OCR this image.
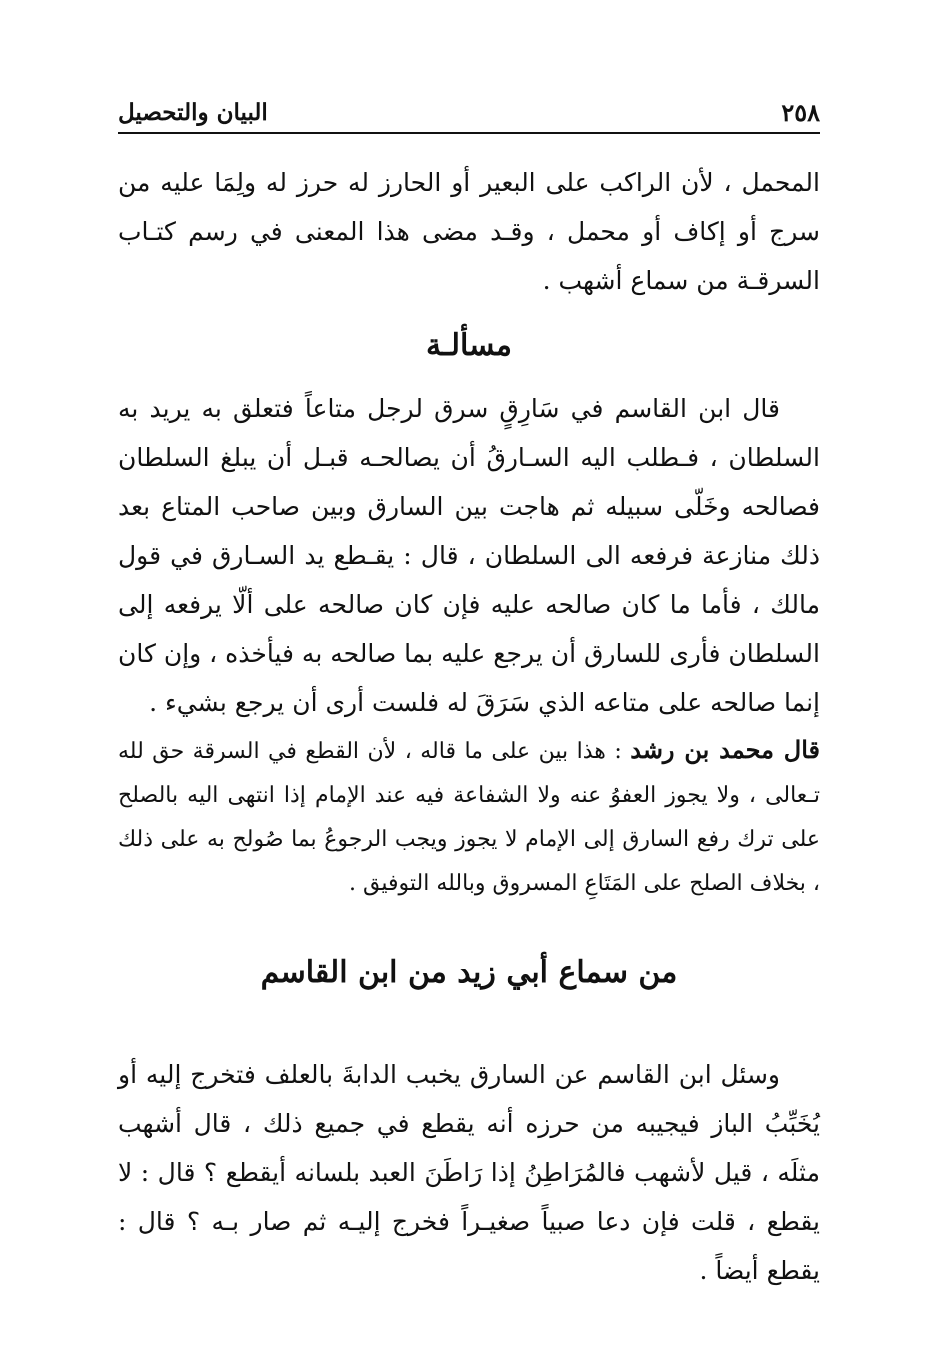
٢٥٨
البيان والتحصيل

المحمل ، لأن الراكب على البعير أو الحارز له حرز له ولِمَا عليه من سرج أو إكاف أو محمل ، وقـد مضى هذا المعنى في رسم كتـاب السرقـة من سماع أشهب .

مسألـة

قال ابن القاسم في سَارِقٍ سرق لرجل متاعاً فتعلق به يريد به السلطان ، فـطلب اليه السـارقُ أن يصالحـه قبـل أن يبلغ السلطان فصالحه وخَلّى سبيله ثم هاجت بين السارق وبين صاحب المتاع بعد ذلك منازعة فرفعه الى السلطان ، قال : يقـطع يد السـارق في قول مالك ، فأما ما كان صالحه عليه فإن كان صالحه على ألّا يرفعه إلى السلطان فأرى للسارق أن يرجع عليه بما صالحه به فيأخذه ، وإن كان إنما صالحه على متاعه الذي سَرَقَ له فلست أرى أن يرجع بشيء .

قال محمد بن رشد : هذا بين على ما قاله ، لأن القطع في السرقة حق لله تـعالى ، ولا يجوز العفوُ عنه ولا الشفاعة فيه عند الإمام إذا انتهى اليه بالصلح على ترك رفع السارق إلى الإمام لا يجوز ويجب الرجوعُ بما صُولح به على ذلك ، بخلاف الصلح على المَتَاعِ المسروق وبالله التوفيق .

من سماع أبي زيد من ابن القاسم

وسئل ابن القاسم عن السارق يخبب الدابةَ بالعلف فتخرج إليه أو يُخَبِّبُ الباز فيجيبه من حرزه أنه يقطع في جميع ذلك ، قال أشهب مثلَه ، قيل لأشهب فالمُرَاطِنُ إذا رَاطَنَ العبد بلسانه أيقطع ؟ قال : لا يقطع ، قلت فإن دعا صبياً صغيـراً فخرج إليـه ثم صار بـه ؟ قال : يقطع أيضاً .
